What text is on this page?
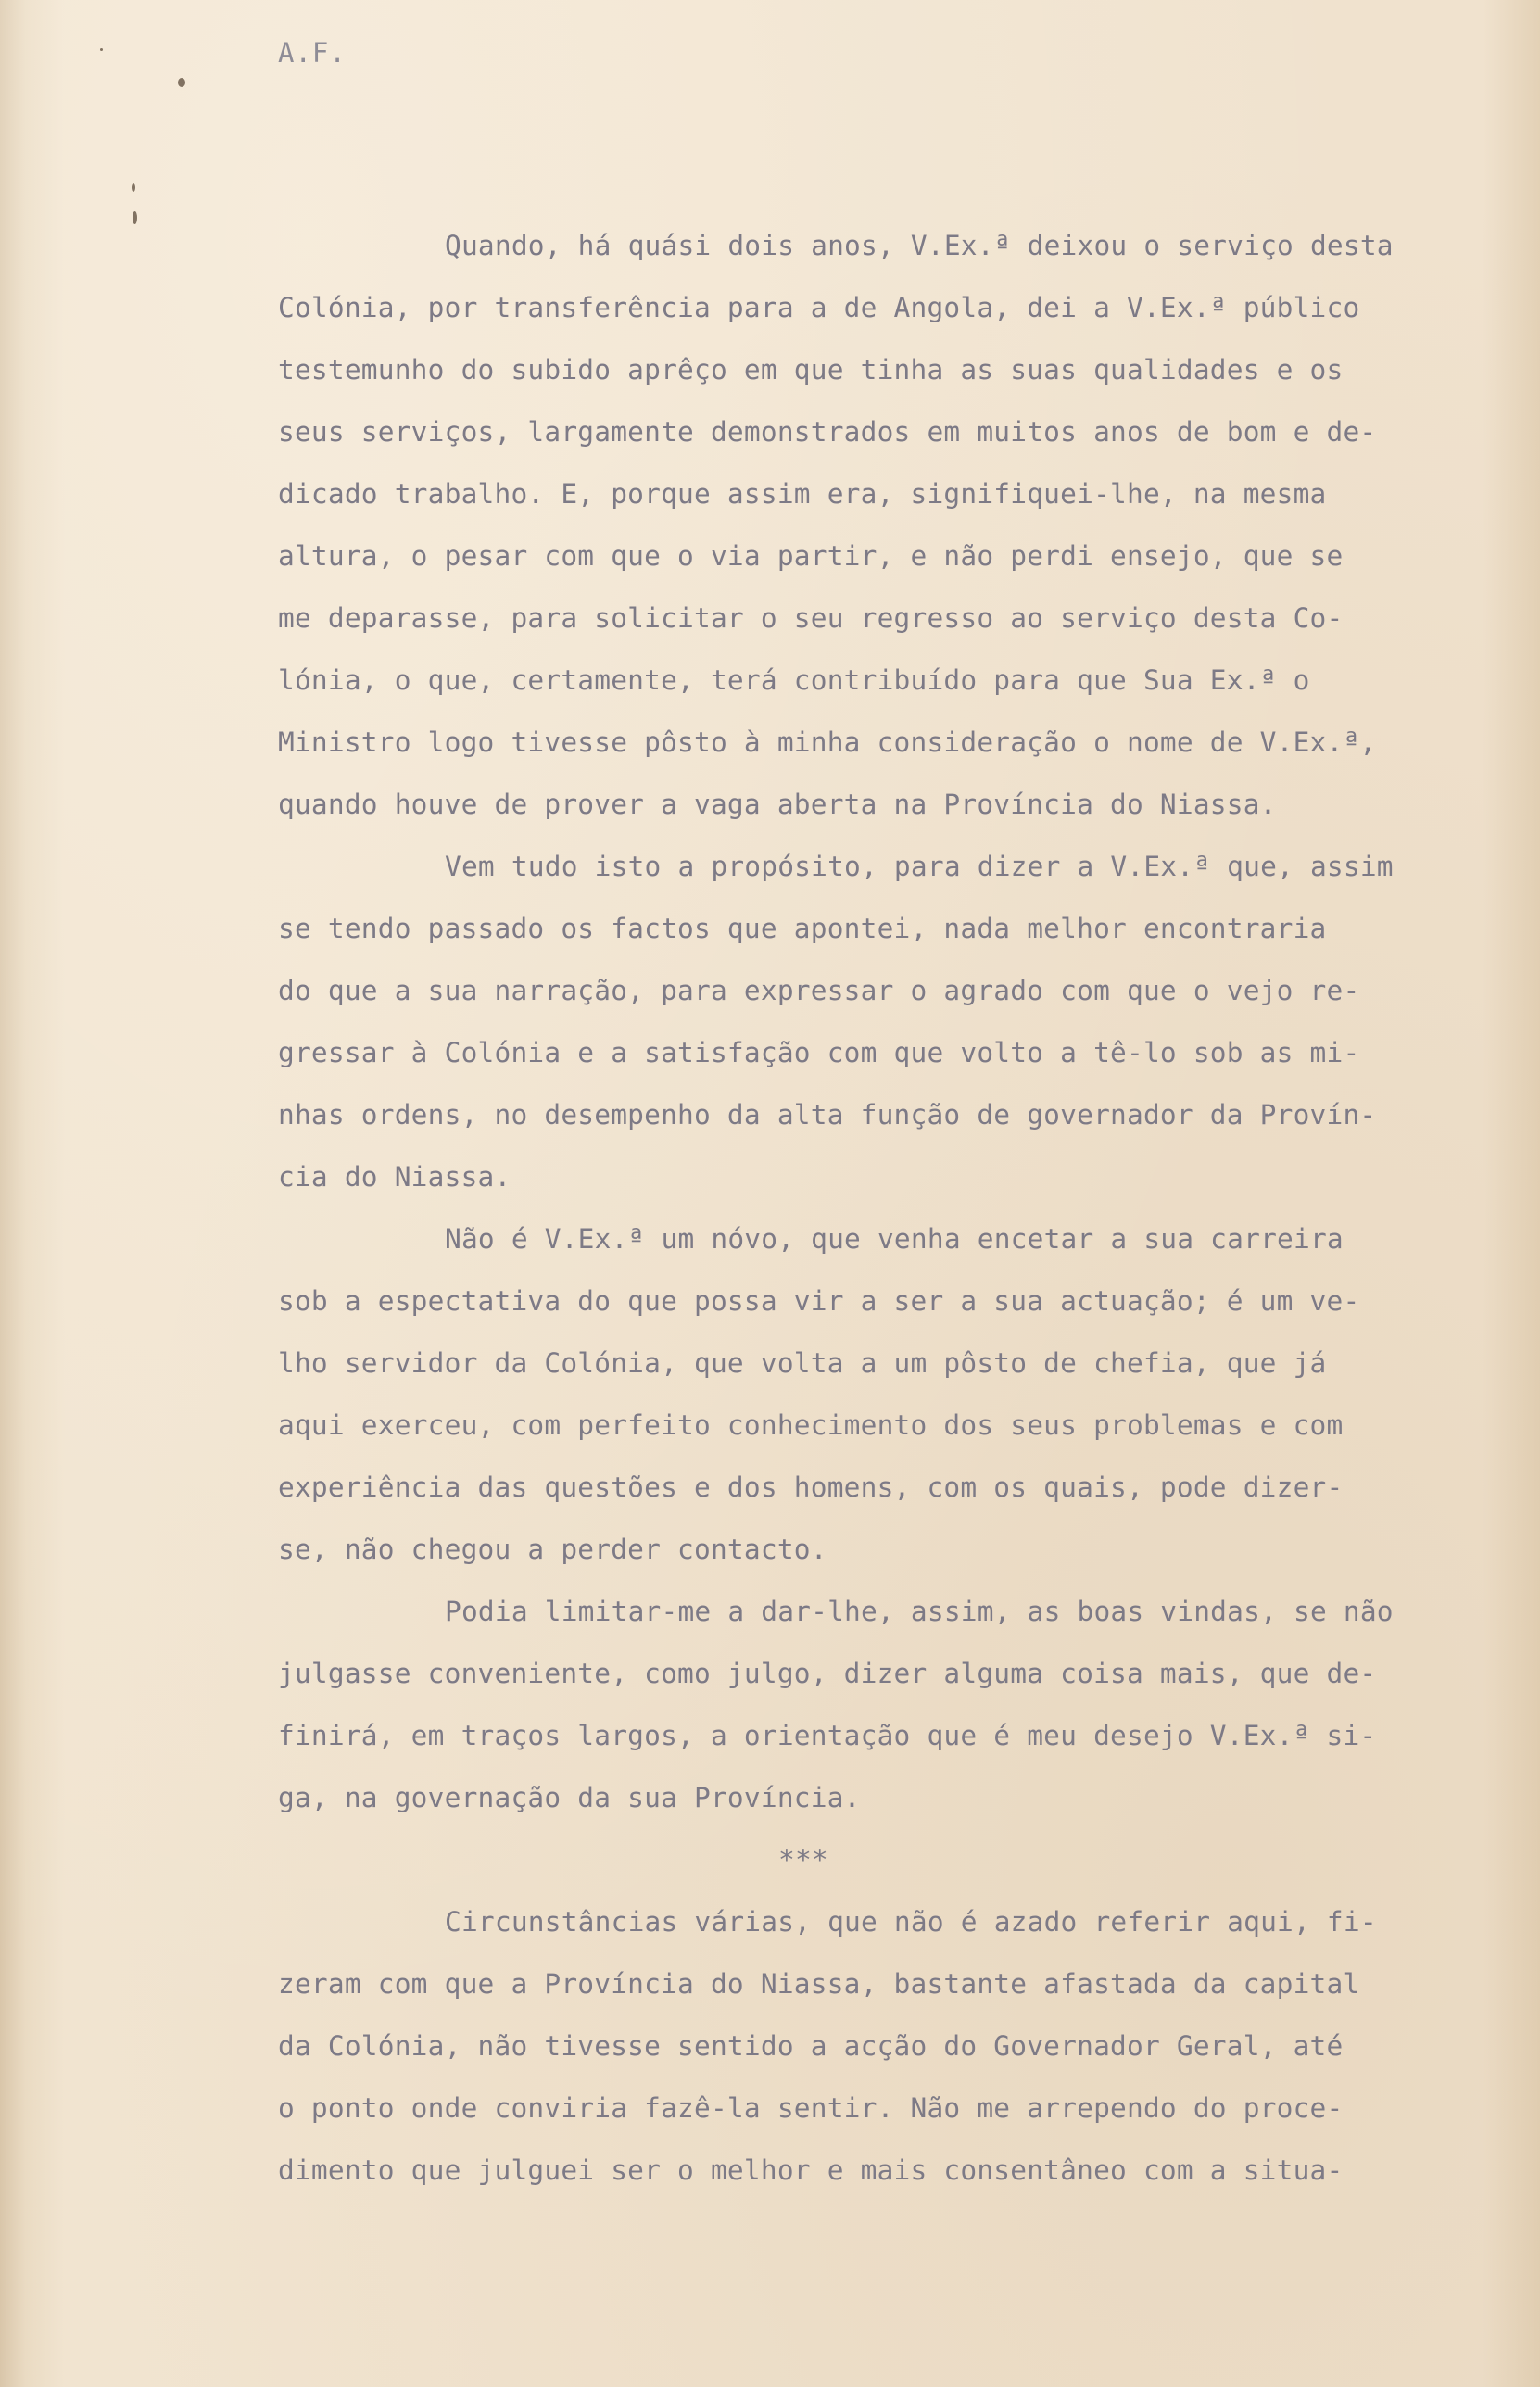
A.F.
Quando, há quási dois anos, V.Ex.ª deixou o serviço desta
Colónia, por transferência para a de Angola, dei a V.Ex.ª público
testemunho do subido aprêço em que tinha as suas qualidades e os
seus serviços, largamente demonstrados em muitos anos de bom e de-
dicado trabalho. E, porque assim era, signifiquei-lhe, na mesma
altura, o pesar com que o via partir, e não perdi ensejo, que se
me deparasse, para solicitar o seu regresso ao serviço desta Co-
lónia, o que, certamente, terá contribuído para que Sua Ex.ª o
Ministro logo tivesse pôsto à minha consideração o nome de V.Ex.ª,
quando houve de prover a vaga aberta na Província do Niassa.
Vem tudo isto a propósito, para dizer a V.Ex.ª que, assim
se tendo passado os factos que apontei, nada melhor encontraria
do que a sua narração, para expressar o agrado com que o vejo re-
gressar à Colónia e a satisfação com que volto a tê-lo sob as mi-
nhas ordens, no desempenho da alta função de governador da Provín-
cia do Niassa.
Não é V.Ex.ª um nóvo, que venha encetar a sua carreira
sob a espectativa do que possa vir a ser a sua actuação; é um ve-
lho servidor da Colónia, que volta a um pôsto de chefia, que já
aqui exerceu, com perfeito conhecimento dos seus problemas e com
experiência das questões e dos homens, com os quais, pode dizer-
se, não chegou a perder contacto.
Podia limitar-me a dar-lhe, assim, as boas vindas, se não
julgasse conveniente, como julgo, dizer alguma coisa mais, que de-
finirá, em traços largos, a orientação que é meu desejo V.Ex.ª si-
ga, na governação da sua Província.
***
Circunstâncias várias, que não é azado referir aqui, fi-
zeram com que a Província do Niassa, bastante afastada da capital
da Colónia, não tivesse sentido a acção do Governador Geral, até
o ponto onde conviria fazê-la sentir. Não me arrependo do proce-
dimento que julguei ser o melhor e mais consentâneo com a situa-
